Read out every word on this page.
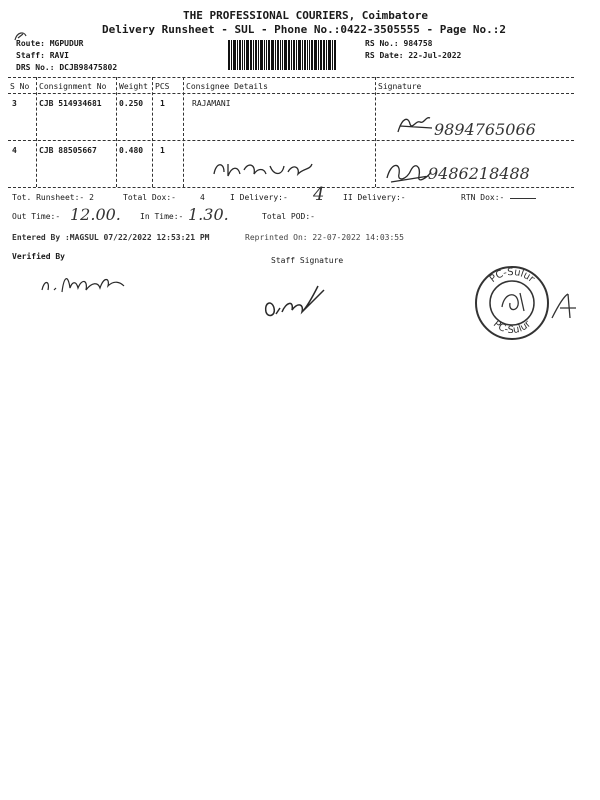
THE PROFESSIONAL COURIERS, Coimbatore
Delivery Runsheet - SUL - Phone No.:0422-3505555 - Page No.:2
Route: MGPUDUR
Staff: RAVI
DRS No.: DCJB98475802
RS No.: 984758
RS Date: 22-Jul-2022
S No Consignment No Weight PCS Consignee Details	Signature
3	CJB 514934681 0.250 1	RAJAMANI
9894765066
4	CJB 88505667	0.480 1
9486218488
Tot. Runsheet:- 2	Total Dox:-	4	I Delivery:- 4 II Delivery:-	RTN Dox:-
Out Time:- 12.00. In Time:- 1.30.	Total POD:-
Entered By :MAGSUL 07/22/2022 12:53:21 PM	Reprinted On: 22-07-2022 14:03:55
Verified By	Staff Signature
PC-Sulur
PC-Sulur
